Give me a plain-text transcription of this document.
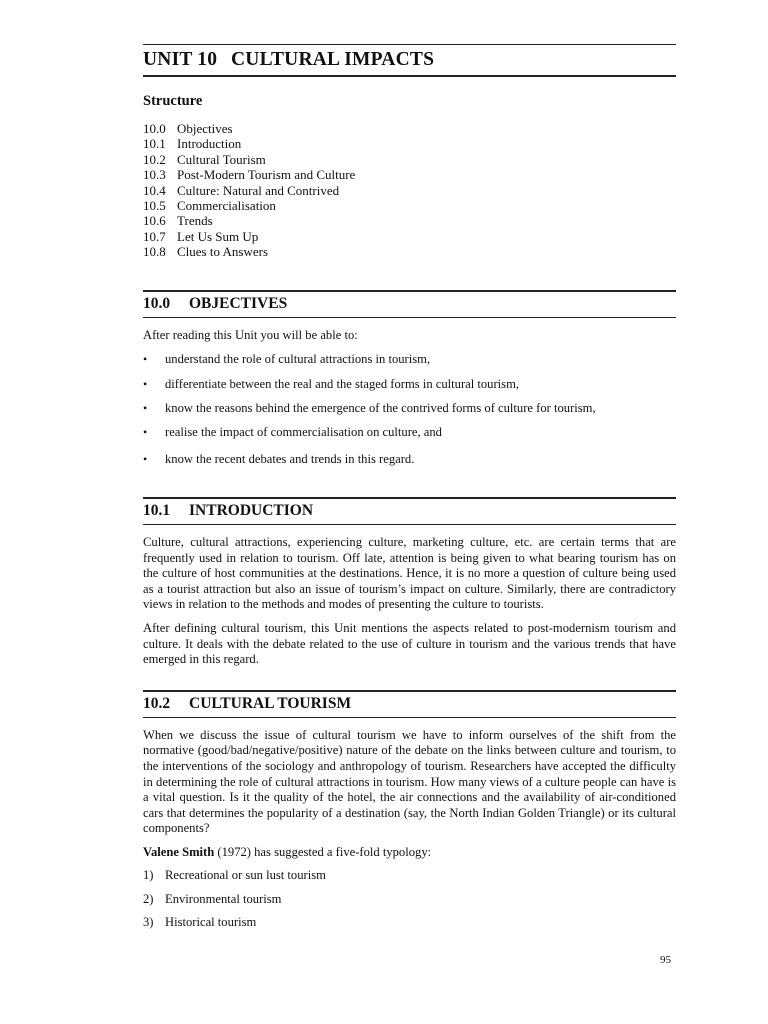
UNIT 10 CULTURAL IMPACTS
Structure
10.0 Objectives
10.1 Introduction
10.2 Cultural Tourism
10.3 Post-Modern Tourism and Culture
10.4 Culture: Natural and Contrived
10.5 Commercialisation
10.6 Trends
10.7 Let Us Sum Up
10.8 Clues to Answers
10.0 OBJECTIVES

After reading this Unit you will be able to:

•	understand the role of cultural attractions in tourism,
•	differentiate between the real and the staged forms in cultural tourism,
•	know the reasons behind the emergence of the contrived forms of culture for tourism,
•	realise the impact of commercialisation on culture, and
•	know the recent debates and trends in this regard.
10.1 INTRODUCTION

Culture, cultural attractions, experiencing culture, marketing culture, etc. are certain terms that are frequently used in relation to tourism. Off late, attention is being given to what bearing tourism has on the culture of host communities at the destinations. Hence, it is no more a question of culture being used as a tourist attraction but also an issue of tourism’s impact on culture. Similarly, there are contradictory views in relation to the methods and modes of presenting the culture to tourists.

After defining cultural tourism, this Unit mentions the aspects related to post-modernism tourism and culture. It deals with the debate related to the use of culture in tourism and the various trends that have emerged in this regard.

10.2 CULTURAL TOURISM

When we discuss the issue of cultural tourism we have to inform ourselves of the shift from the normative (good/bad/negative/positive) nature of the debate on the links between culture and tourism, to the interventions of the sociology and anthropology of tourism. Researchers have accepted the difficulty in determining the role of cultural attractions in tourism. How many views of a culture people can have is a vital question. Is it the quality of the hotel, the air connections and the availability of air-conditioned cars that determines the popularity of a destination (say, the North Indian Golden Triangle) or its cultural components?

Valene Smith (1972) has suggested a five-fold typology:

1) Recreational or sun lust tourism
2) Environmental tourism
3) Historical tourism
95
